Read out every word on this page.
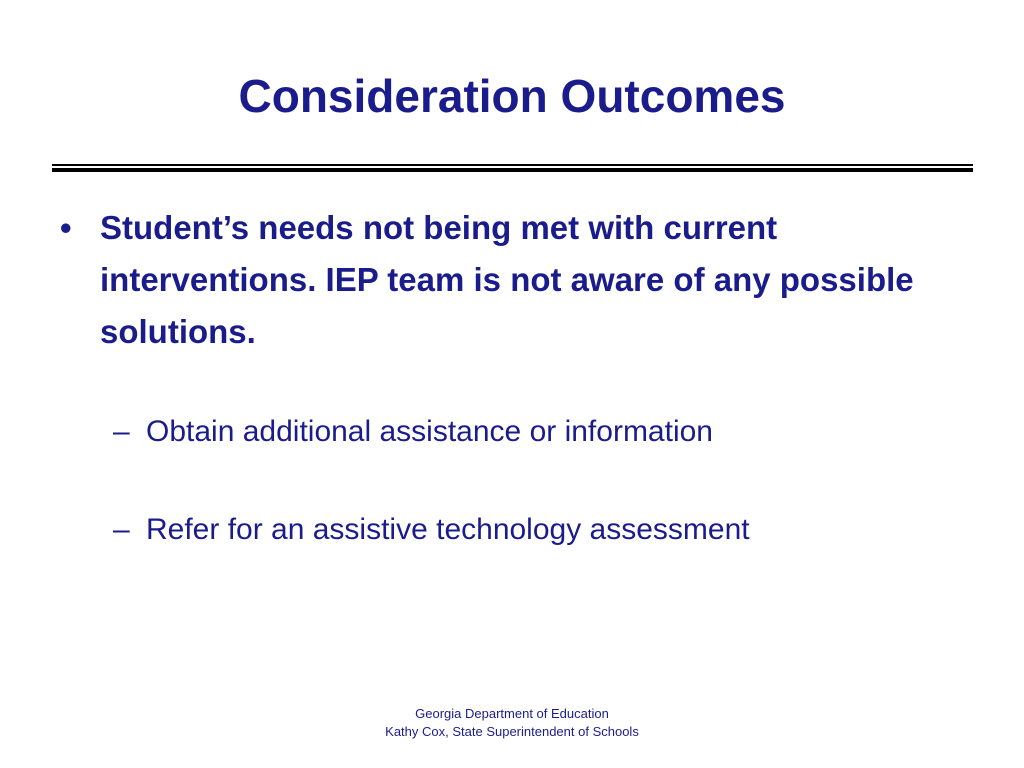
Consideration Outcomes
• Student’s needs not being met with current interventions. IEP team is not aware of any possible solutions.
– Obtain additional assistance or information
– Refer for an assistive technology assessment
Georgia Department of Education
Kathy Cox, State Superintendent of Schools
